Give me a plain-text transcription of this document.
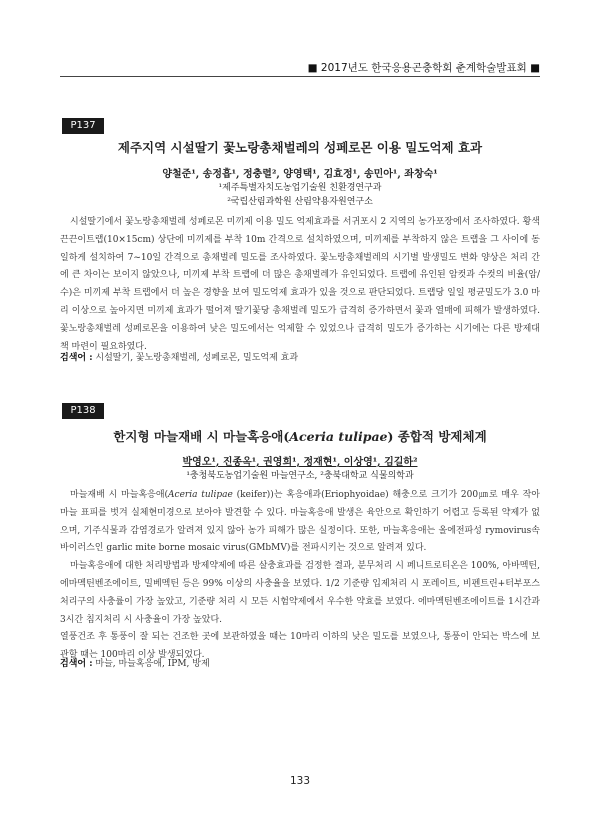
■ 2017년도 한국응용곤충학회 춘계학술발표회 ■
P137
제주지역 시설딸기 꽃노랑총채벌레의 성페로몬 이용 밀도억제 효과
양철준¹, 송정흡¹, 정충렬², 양영택¹, 김효정¹, 송민아¹, 좌창숙¹
¹제주특별자치도농업기술원 친환경연구과
²국립산림과학원 산림약용자원연구소

시설딸기에서 꽃노랑총채벌레 성페로몬 미끼제 이용 밀도 억제효과를 서귀포시 2 지역의 농가포장에서 조사하였다. 황색끈끈이트랩(10×15cm) 상단에 미끼제를 부착 10m 간격으로 설치하였으며, 미끼제를 부착하지 않은 트랩을 그 사이에 동일하게 설치하여 7~10일 간격으로 총채벌레 밀도를 조사하였다. 꽃노랑총채벌레의 시기별 발생밀도 변화 양상은 처리 간에 큰 차이는 보이지 않았으나, 미끼제 부착 트랩에 더 많은 총채벌레가 유인되었다. 트랩에 유인된 암컷과 수컷의 비율(암/수)은 미끼제 부착 트랩에서 더 높은 경향을 보여 밀도억제 효과가 있을 것으로 판단되었다. 트랩당 일일 평균밀도가 3.0 마리 이상으로 높아지면 미끼제 효과가 떨어져 딸기꽃당 총채벌레 밀도가 급격히 증가하면서 꽃과 열매에 피해가 발생하였다. 꽃노랑총채벌레 성페로몬을 이용하여 낮은 밀도에서는 억제할 수 있었으나 급격히 밀도가 증가하는 시기에는 다른 방제대책 마련이 필요하였다.

검색어 : 시설딸기, 꽃노랑총채벌레, 성페로몬, 밀도억제 효과
P138
한지형 마늘재배 시 마늘혹응애(Aceria tulipae) 종합적 방제체계
박영오¹, 진종옥¹, 권영희¹, 정재현¹, 이상영¹, 김길하²
¹충청북도농업기술원 마늘연구소, ²충북대학교 식물의학과

마늘재배 시 마늘혹응애(Aceria tulipae (keifer))는 혹응애과(Eriophyoidae) 해충으로 크기가 200㎛로 매우 작아 마늘 표피를 벗겨 실체현미경으로 보아야 발견할 수 있다. 마늘혹응애 발생은 육안으로 확인하기 어렵고 등록된 약제가 없으며, 기주식물과 감염경로가 알려져 있지 않아 농가 피해가 많은 실정이다. 또한, 마늘혹응애는 올에전파성 rymovirus속 바이러스인 garlic mite borne mosaic virus(GMbMV)를 전파시키는 것으로 알려져 있다.

마늘혹응애에 대한 처리방법과 방제약제에 따른 살충효과를 검정한 결과, 분무처리 시 페니트로티온은 100%, 아바멕틴, 에마멕틴벤조에이트, 밀베멕틴 등은 99% 이상의 사충율을 보였다. 1/2 기준량 입제처리 시 포레이트, 비펜트린+터부포스 처리구의 사충률이 가장 높았고, 기준량 처리 시 모든 시험약제에서 우수한 약효를 보였다. 에마멕틴벤조에이트를 1시간과 3시간 침지처리 시 사충율이 가장 높았다.

열풍건조 후 통풍이 잘 되는 건조한 곳에 보관하였을 때는 10마리 이하의 낮은 밀도를 보였으나, 통풍이 안되는 박스에 보관할 때는 100마리 이상 발생되었다.

검색어 : 마늘, 마늘혹응애, IPM, 방제
133
